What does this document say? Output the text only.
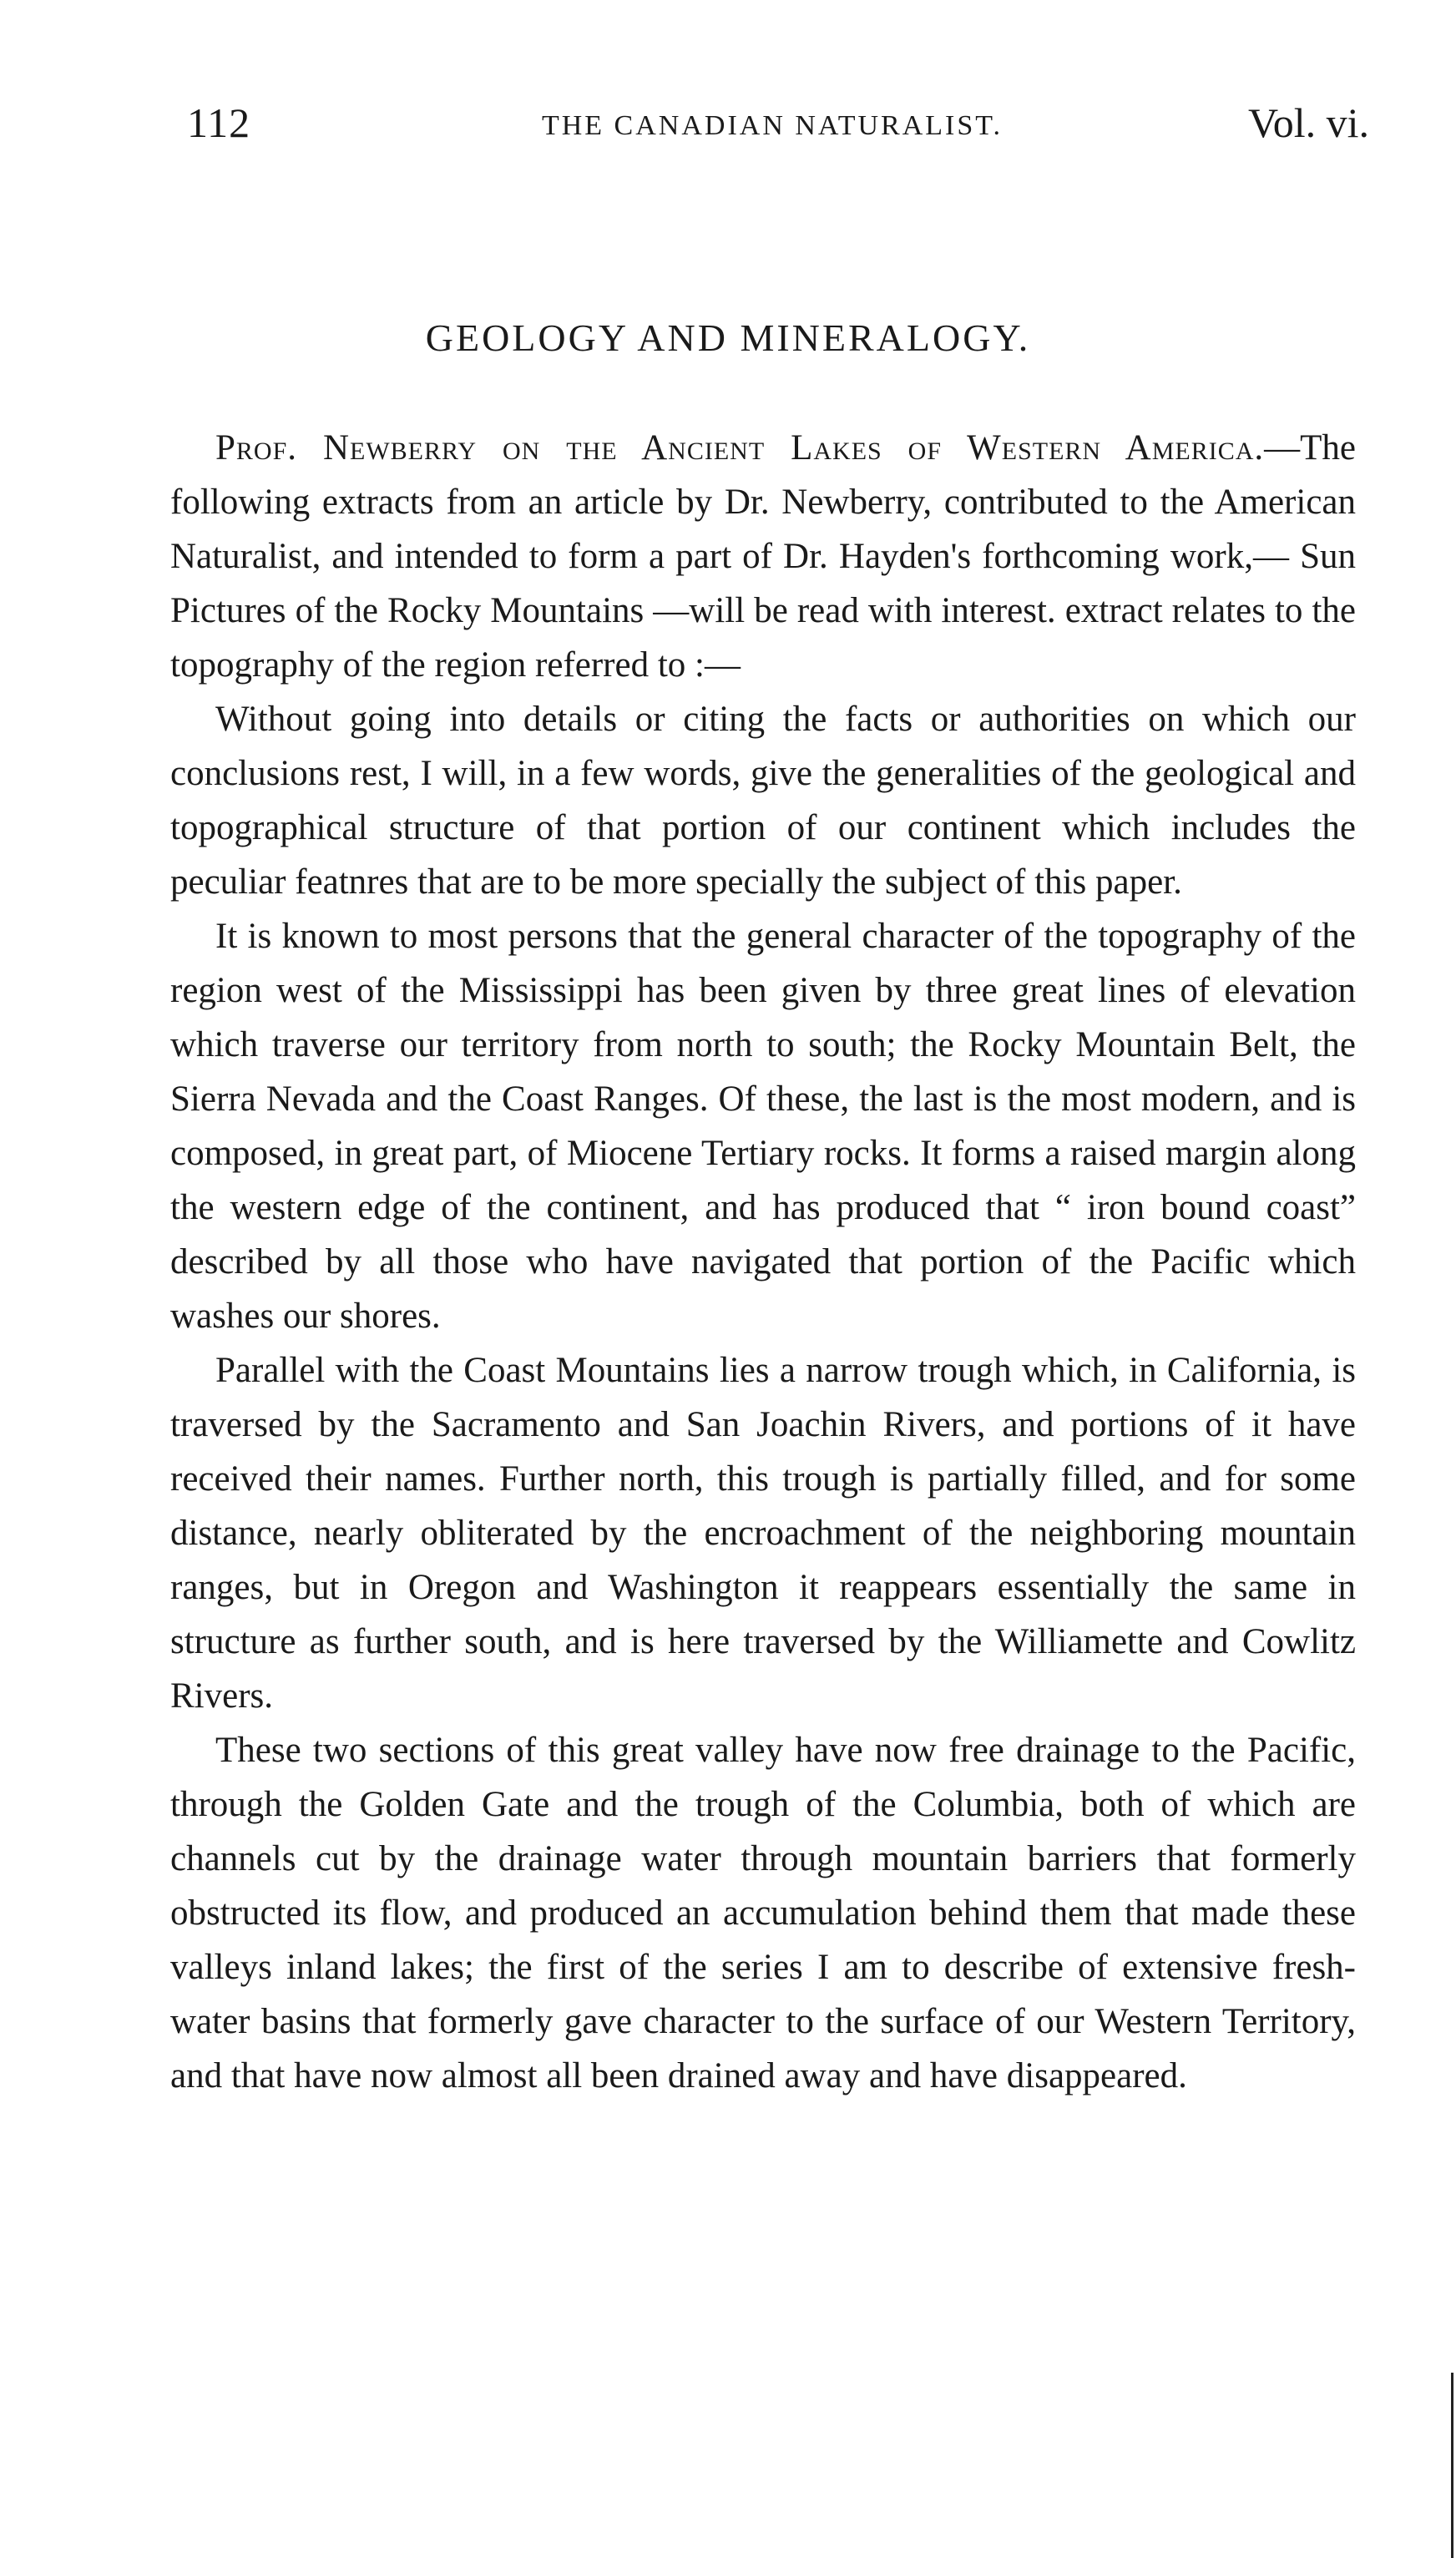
112	THE CANADIAN NATURALIST.	Vol. vi.
GEOLOGY AND MINERALOGY.

Prof. Newberry on the Ancient Lakes of Western America.—The following extracts from an article by Dr. Newberry, contributed to the American Naturalist, and intended to form a part of Dr. Hayden's forthcoming work,— Sun Pictures of the Rocky Mountains —will be read with interest. extract relates to the topography of the region referred to :—

Without going into details or citing the facts or authorities on which our conclusions rest, I will, in a few words, give the generalities of the geological and topographical structure of that portion of our continent which includes the peculiar featnres that are to be more specially the subject of this paper.

It is known to most persons that the general character of the topography of the region west of the Mississippi has been given by three great lines of elevation which traverse our territory from north to south; the Rocky Mountain Belt, the Sierra Nevada and the Coast Ranges. Of these, the last is the most modern, and is composed, in great part, of Miocene Tertiary rocks. It forms a raised margin along the western edge of the continent, and has produced that “ iron bound coast” described by all those who have navigated that portion of the Pacific which washes our shores.

Parallel with the Coast Mountains lies a narrow trough which, in California, is traversed by the Sacramento and San Joachin Rivers, and portions of it have received their names. Further north, this trough is partially filled, and for some distance, nearly obliterated by the encroachment of the neighboring mountain ranges, but in Oregon and Washington it reappears essentially the same in structure as further south, and is here traversed by the Williamette and Cowlitz Rivers.

These two sections of this great valley have now free drainage to the Pacific, through the Golden Gate and the trough of the Columbia, both of which are channels cut by the drainage water through mountain barriers that formerly obstructed its flow, and produced an accumulation behind them that made these valleys inland lakes; the first of the series I am to describe of extensive fresh-water basins that formerly gave character to the surface of our Western Territory, and that have now almost all been drained away and have disappeared.
